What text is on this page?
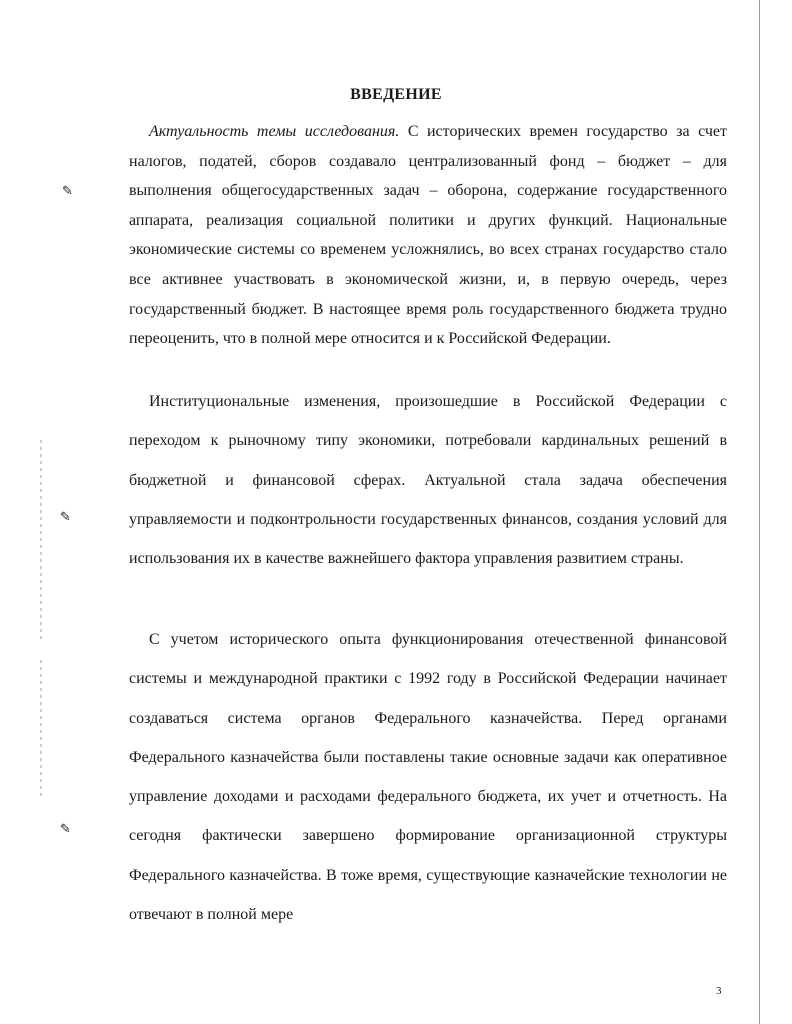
✎
✎
✎
ВВЕДЕНИЕ

Актуальность темы исследования. С исторических времен государство за счет налогов, податей, сборов создавало централизованный фонд – бюджет – для выполнения общегосударственных задач – оборона, содержание государственного аппарата, реализация социальной политики и других функций. Национальные экономические системы со временем усложнялись, во всех странах государство стало все активнее участвовать в экономической жизни, и, в первую очередь, через государственный бюджет. В настоящее время роль государственного бюджета трудно переоценить, что в полной мере относится и к Российской Федерации.

Институциональные изменения, произошедшие в Российской Федерации с переходом к рыночному типу экономики, потребовали кардинальных решений в бюджетной и финансовой сферах. Актуальной стала задача обеспечения управляемости и подконтрольности государственных финансов, создания условий для использования их в качестве важнейшего фактора управления развитием страны.

С учетом исторического опыта функционирования отечественной финансовой системы и международной практики с 1992 году в Российской Федерации начинает создаваться система органов Федерального казначейства. Перед органами Федерального казначейства были поставлены такие основные задачи как оперативное управление доходами и расходами федерального бюджета, их учет и отчетность. На сегодня фактически завершено формирование организационной структуры Федерального казначейства. В тоже время, существующие казначейские технологии не отвечают в полной мере

3
